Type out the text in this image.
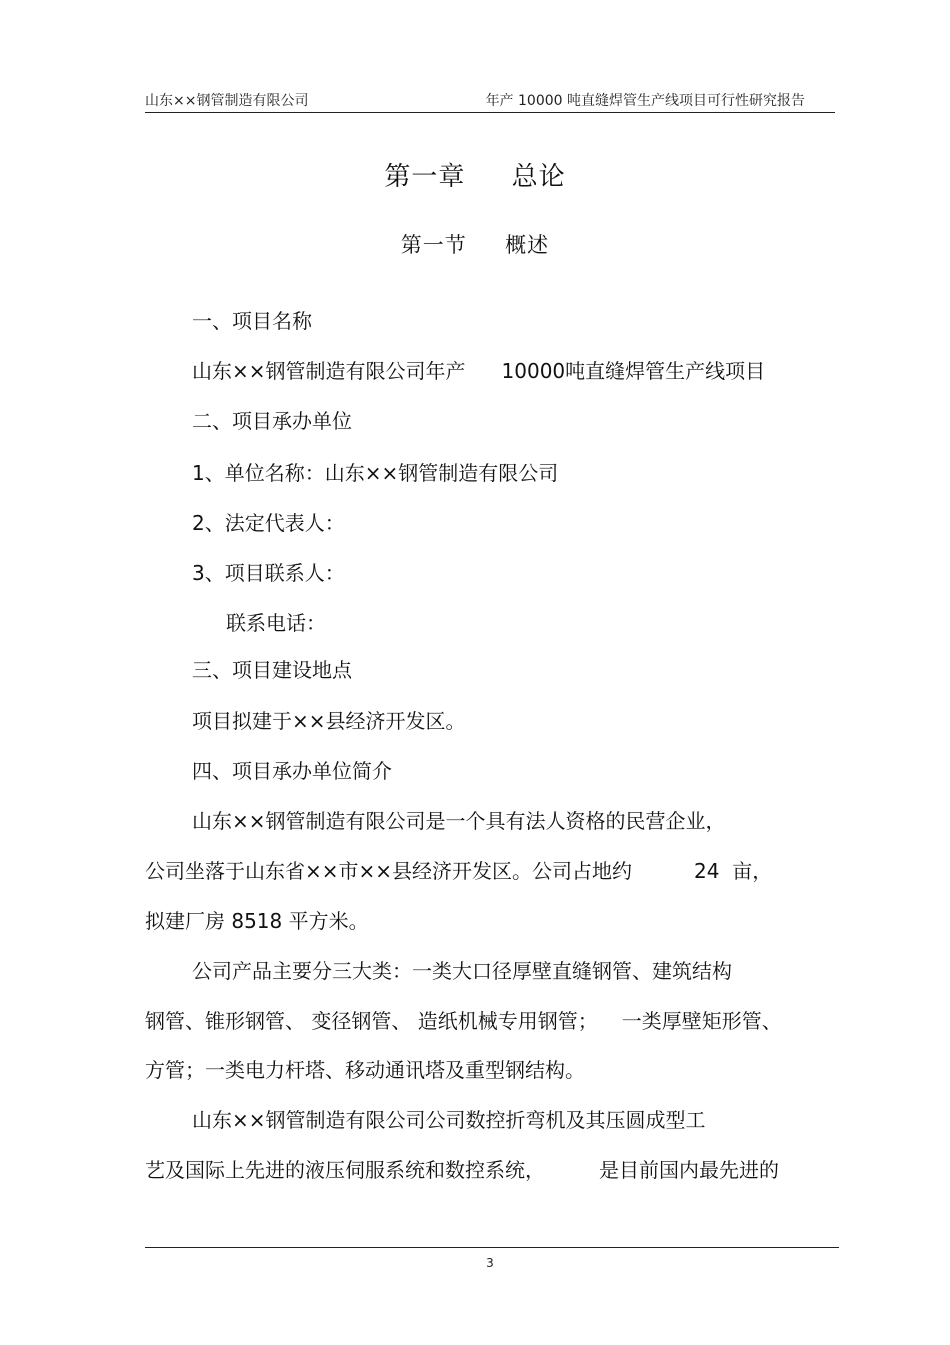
山东××钢管制造有限公司	年产 10000 吨直缝焊管生产线项目可行性研究报告
第一章     总论
第一节     概述
一、项目名称
山东××钢管制造有限公司年产 10000吨直缝焊管生产线项目
二、项目承办单位
1、单位名称：山东××钢管制造有限公司
2、法定代表人：
3、项目联系人：
联系电话：
三、项目建设地点
项目拟建于××县经济开发区。
四、项目承办单位简介
山东××钢管制造有限公司是一个具有法人资格的民营企业，
公司坐落于山东省××市××县经济开发区。公司占地约	24  亩，
拟建厂房 8518 平方米。
公司产品主要分三大类：一类大口径厚壁直缝钢管、建筑结构
钢管、锥形钢管、 变径钢管、 造纸机械专用钢管； 一类厚壁矩形管、
方管；一类电力杆塔、移动通讯塔及重型钢结构。
山东××钢管制造有限公司公司数控折弯机及其压圆成型工
艺及国际上先进的液压伺服系统和数控系统，	是目前国内最先进的
3
